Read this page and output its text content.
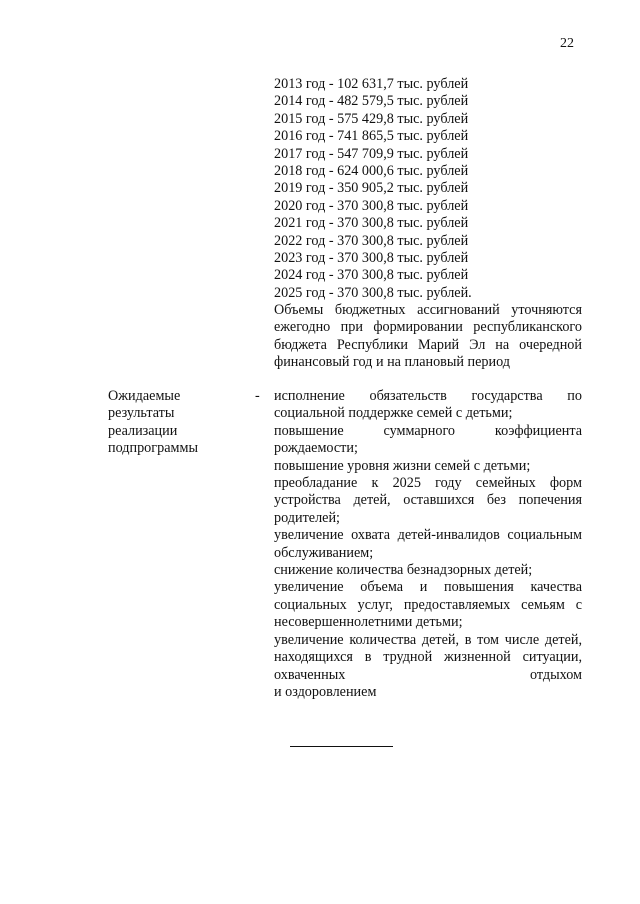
22
2013 год - 102 631,7 тыс. рублей
2014 год - 482 579,5 тыс. рублей
2015 год - 575 429,8 тыс. рублей
2016 год - 741 865,5 тыс. рублей
2017 год - 547 709,9 тыс. рублей
2018 год - 624 000,6 тыс. рублей
2019 год - 350 905,2 тыс. рублей
2020 год - 370 300,8 тыс. рублей
2021 год - 370 300,8 тыс. рублей
2022 год - 370 300,8 тыс. рублей
2023 год - 370 300,8 тыс. рублей
2024 год - 370 300,8 тыс. рублей
2025 год - 370 300,8 тыс. рублей.
Объемы бюджетных ассигнований уточняются ежегодно при формировании республиканского бюджета Республики Марий Эл на очередной финансовый год и на плановый период
Ожидаемые
результаты
реализации
подпрограммы
- исполнение обязательств государства по социальной поддержке семей с детьми;
повышение суммарного коэффициента рождаемости;
повышение уровня жизни семей с детьми;
преобладание к 2025 году семейных форм устройства детей, оставшихся без попечения родителей;
увеличение охвата детей-инвалидов социальным обслуживанием;
снижение количества безнадзорных детей;
увеличение объема и повышения качества социальных услуг, предоставляемых семьям с несовершеннолетними детьми;
увеличение количества детей, в том числе детей, находящихся в трудной жизненной ситуации, охваченных отдыхом
и оздоровлением
